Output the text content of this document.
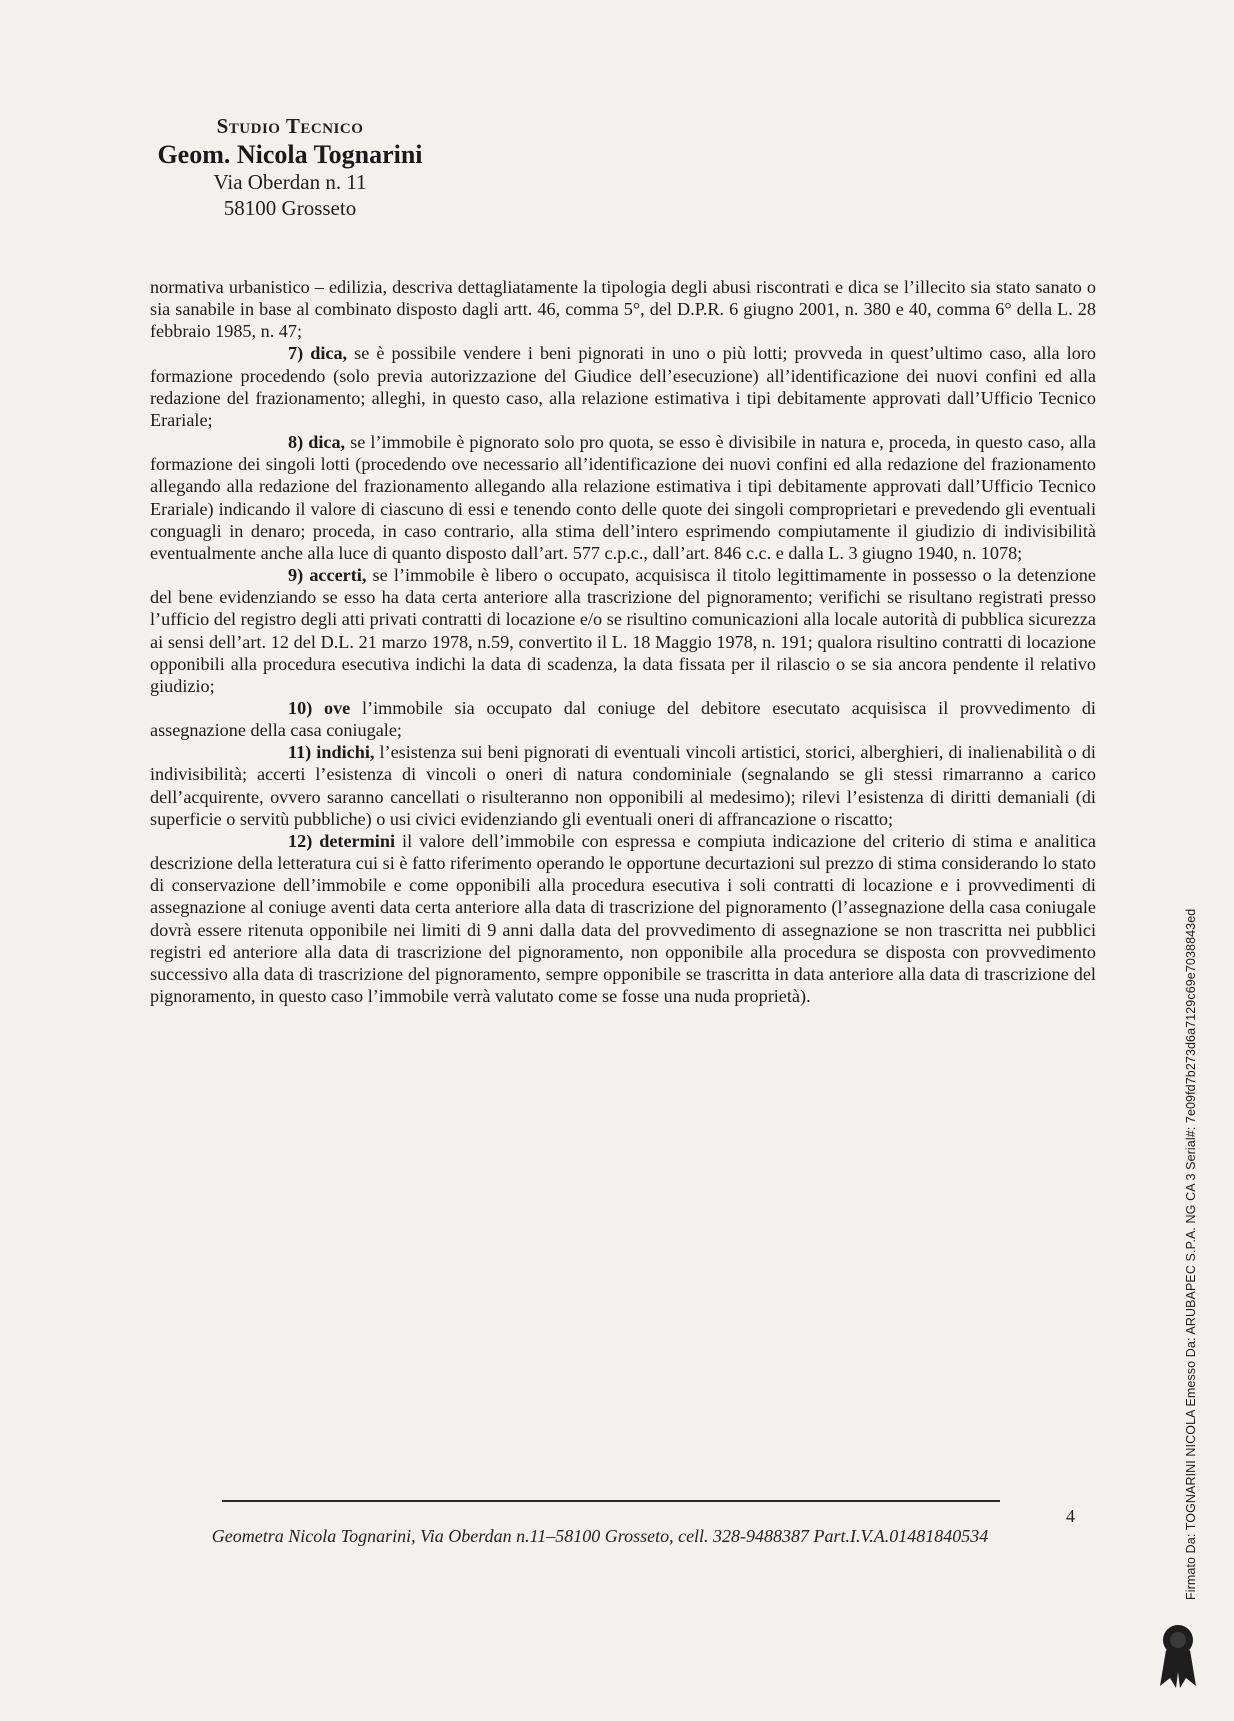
Studio Tecnico
Geom. Nicola Tognarini
Via Oberdan n. 11
58100 Grosseto

normativa urbanistico – edilizia, descriva dettagliatamente la tipologia degli abusi riscontrati e dica se l’illecito sia stato sanato o sia sanabile in base al combinato disposto dagli artt. 46, comma 5°, del D.P.R. 6 giugno 2001, n. 380 e 40, comma 6° della L. 28 febbraio 1985, n. 47;

7) dica, se è possibile vendere i beni pignorati in uno o più lotti; provveda in quest’ultimo caso, alla loro formazione procedendo (solo previa autorizzazione del Giudice dell’esecuzione) all’identificazione dei nuovi confini ed alla redazione del frazionamento; alleghi, in questo caso, alla relazione estimativa i tipi debitamente approvati dall’Ufficio Tecnico Erariale;

8) dica, se l’immobile è pignorato solo pro quota, se esso è divisibile in natura e, proceda, in questo caso, alla formazione dei singoli lotti (procedendo ove necessario all’identificazione dei nuovi confini ed alla redazione del frazionamento allegando alla redazione del frazionamento allegando alla relazione estimativa i tipi debitamente approvati dall’Ufficio Tecnico Erariale) indicando il valore di ciascuno di essi e tenendo conto delle quote dei singoli comproprietari e prevedendo gli eventuali conguagli in denaro; proceda, in caso contrario, alla stima dell’intero esprimendo compiutamente il giudizio di indivisibilità eventualmente anche alla luce di quanto disposto dall’art. 577 c.p.c., dall’art. 846 c.c. e dalla L. 3 giugno 1940, n. 1078;

9) accerti, se l’immobile è libero o occupato, acquisisca il titolo legittimamente in possesso o la detenzione del bene evidenziando se esso ha data certa anteriore alla trascrizione del pignoramento; verifichi se risultano registrati presso l’ufficio del registro degli atti privati contratti di locazione e/o se risultino comunicazioni alla locale autorità di pubblica sicurezza ai sensi dell’art. 12 del D.L. 21 marzo 1978, n.59, convertito il L. 18 Maggio 1978, n. 191; qualora risultino contratti di locazione opponibili alla procedura esecutiva indichi la data di scadenza, la data fissata per il rilascio o se sia ancora pendente il relativo giudizio;

10) ove l’immobile sia occupato dal coniuge del debitore esecutato acquisisca il provvedimento di assegnazione della casa coniugale;

11) indichi, l’esistenza sui beni pignorati di eventuali vincoli artistici, storici, alberghieri, di inalienabilità o di indivisibilità; accerti l’esistenza di vincoli o oneri di natura condominiale (segnalando se gli stessi rimarranno a carico dell’acquirente, ovvero saranno cancellati o risulteranno non opponibili al medesimo); rilevi l’esistenza di diritti demaniali (di superficie o servitù pubbliche) o usi civici evidenziando gli eventuali oneri di affrancazione o riscatto;

12) determini il valore dell’immobile con espressa e compiuta indicazione del criterio di stima e analitica descrizione della letteratura cui si è fatto riferimento operando le opportune decurtazioni sul prezzo di stima considerando lo stato di conservazione dell’immobile e come opponibili alla procedura esecutiva i soli contratti di locazione e i provvedimenti di assegnazione al coniuge aventi data certa anteriore alla data di trascrizione del pignoramento (l’assegnazione della casa coniugale dovrà essere ritenuta opponibile nei limiti di 9 anni dalla data del provvedimento di assegnazione se non trascritta nei pubblici registri ed anteriore alla data di trascrizione del pignoramento, non opponibile alla procedura se disposta con provvedimento successivo alla data di trascrizione del pignoramento, sempre opponibile se trascritta in data anteriore alla data di trascrizione del pignoramento, in questo caso l’immobile verrà valutato come se fosse una nuda proprietà).

4
Geometra Nicola Tognarini, Via Oberdan n.11–58100 Grosseto, cell. 328-9488387 Part.I.V.A.01481840534	Firmato Da: TOGNARINI NICOLA Emesso Da: ARUBAPEC S.P.A. NG CA 3 Serial#: 7e09fd7b273d6a7129c69e7038843ed
